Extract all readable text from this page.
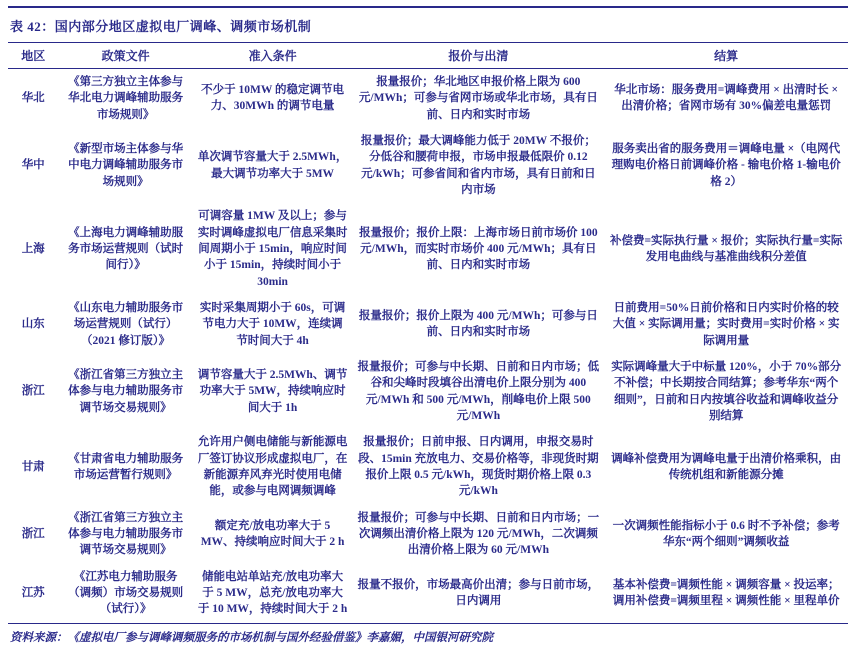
表 42：国内部分地区虚拟电厂调峰、调频市场机制
地区	政策文件	准入条件	报价与出清	结算
华北	《第三方独立主体参与华北电力调峰辅助服务市场规则》	不少于 10MW 的稳定调节电力、30MWh 的调节电量	报量报价；华北地区申报价格上限为 600 元/MWh；可参与省网市场或华北市场，具有日前、日内和实时市场	华北市场：服务费用=调峰费用 × 出清时长 × 出清价格；省网市场有 30%偏差电量惩罚
华中	《新型市场主体参与华中电力调峰辅助服务市场规则》	单次调节容量大于 2.5MWh，最大调节功率大于 5MW	报量报价；最大调峰能力低于 20MW 不报价；分低谷和腰荷申报，市场申报最低限价 0.12 元/kWh；可参省间和省内市场，具有日前和日内市场	服务卖出省的服务费用＝调峰电量 ×（电网代理购电价格日前调峰价格 - 输电价格 1-输电价格 2）
上海	《上海电力调峰辅助服务市场运营规则（试时间行）》	可调容量 1MW 及以上；参与实时调峰虚拟电厂信息采集时间周期小于 15min，响应时间小于 15min，持续时间小于 30min	报量报价；报价上限：上海市场日前市场价 100 元/MWh，而实时市场价 400 元/MWh；具有日前、日内和实时市场	补偿费=实际执行量 × 报价；实际执行量=实际发用电曲线与基准曲线积分差值
山东	《山东电力辅助服务市场运营规则（试行）（2021 修订版）》	实时采集周期小于 60s，可调节电力大于 10MW，连续调节时间大于 4h	报量报价；报价上限为 400 元/MWh；可参与日前、日内和实时市场	日前费用=50%日前价格和日内实时价格的较大值 × 实际调用量；实时费用=实时价格 × 实际调用量
浙江	《浙江省第三方独立主体参与电力辅助服务市调节场交易规则》	调节容量大于 2.5MWh、调节功率大于 5MW，持续响应时间大于 1h	报量报价；可参与中长期、日前和日内市场；低谷和尖峰时段填谷出清电价上限分别为 400 元/MWh 和 500 元/MWh，削峰电价上限 500 元/MWh	实际调峰量大于中标量 120%，小于 70%部分不补偿；中长期按合同结算；参考华东“两个细则”，日前和日内按填谷收益和调峰收益分别结算
甘肃	《甘肃省电力辅助服务市场运营暂行规则》	允许用户侧电储能与新能源电厂签订协议形成虚拟电厂，在新能源弃风弃光时使用电储能，或参与电网调频调峰	报量报价；日前申报、日内调用，申报交易时段、15min 充放电力、交易价格等，非现货时期报价上限 0.5 元/kWh，现货时期价格上限 0.3 元/kWh	调峰补偿费用为调峰电量于出清价格乘积，由传统机组和新能源分摊
浙江	《浙江省第三方独立主体参与电力辅助服务市调节场交易规则》	额定充/放电功率大于 5 MW、持续响应时间大于 2 h	报量报价；可参与中长期、日前和日内市场；一次调频出清价格上限为 120 元/MWh，二次调频出清价格上限为 60 元/MWh	一次调频性能指标小于 0.6 时不予补偿；参考华东“两个细则”调频收益
江苏	《江苏电力辅助服务（调频）市场交易规则（试行）》	储能电站单站充/放电功率大于 5 MW，总充/放电功率大于 10 MW，持续时间大于 2 h	报量不报价，市场最高价出清；参与日前市场，日内调用	基本补偿费=调频性能 × 调频容量 × 投运率；调用补偿费=调频里程 × 调频性能 × 里程单价
资料来源：《虚拟电厂参与调峰调频服务的市场机制与国外经验借鉴》李嘉媚，中国银河研究院
